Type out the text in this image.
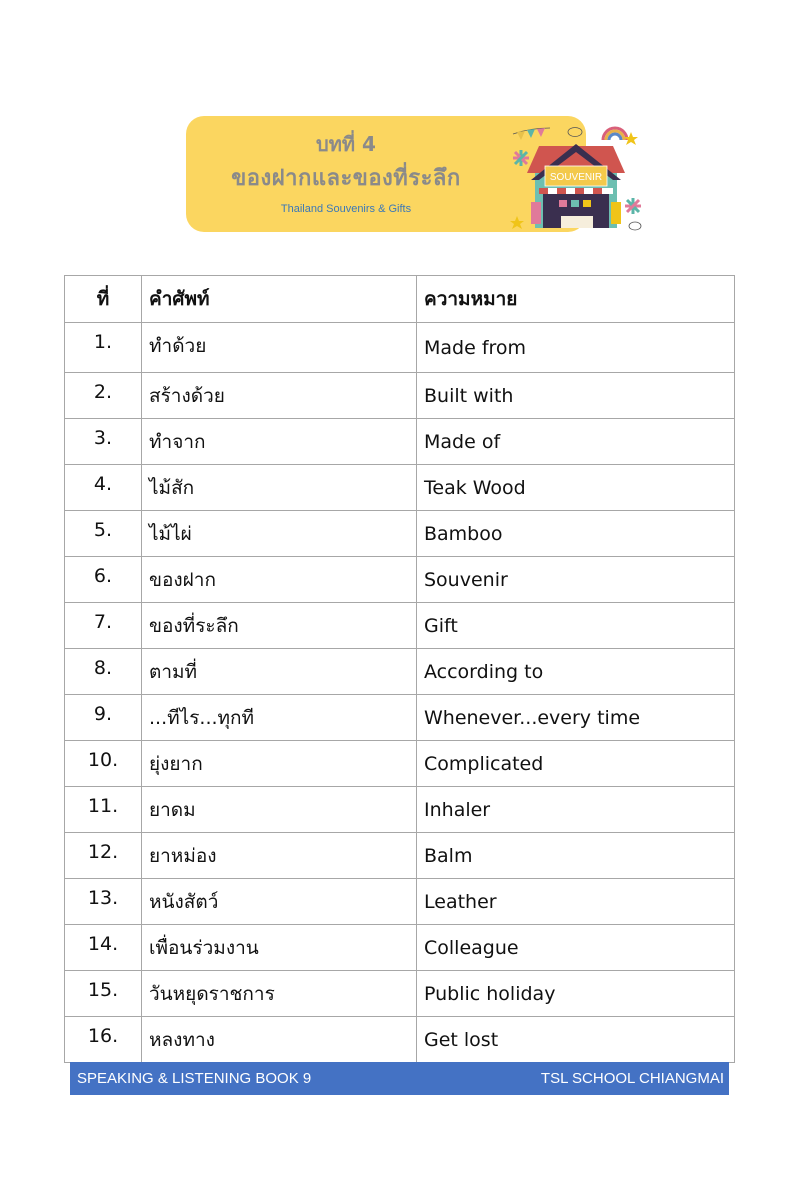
บทที่ 4
ของฝากและของที่ระลึก
Thailand Souvenirs & Gifts
SOUVENIR
ที่	คำศัพท์	ความหมาย
1.	ทำด้วย	Made from
2.	สร้างด้วย	Built with
3.	ทำจาก	Made of
4.	ไม้สัก	Teak Wood
5.	ไม้ไผ่	Bamboo
6.	ของฝาก	Souvenir
7.	ของที่ระลึก	Gift
8.	ตามที่	According to
9.	...ทีไร...ทุกที	Whenever...every time
10.	ยุ่งยาก	Complicated
11.	ยาดม	Inhaler
12.	ยาหม่อง	Balm
13.	หนังสัตว์	Leather
14.	เพื่อนร่วมงาน	Colleague
15.	วันหยุดราชการ	Public holiday
16.	หลงทาง	Get lost
SPEAKING & LISTENING BOOK 9	TSL SCHOOL CHIANGMAI
